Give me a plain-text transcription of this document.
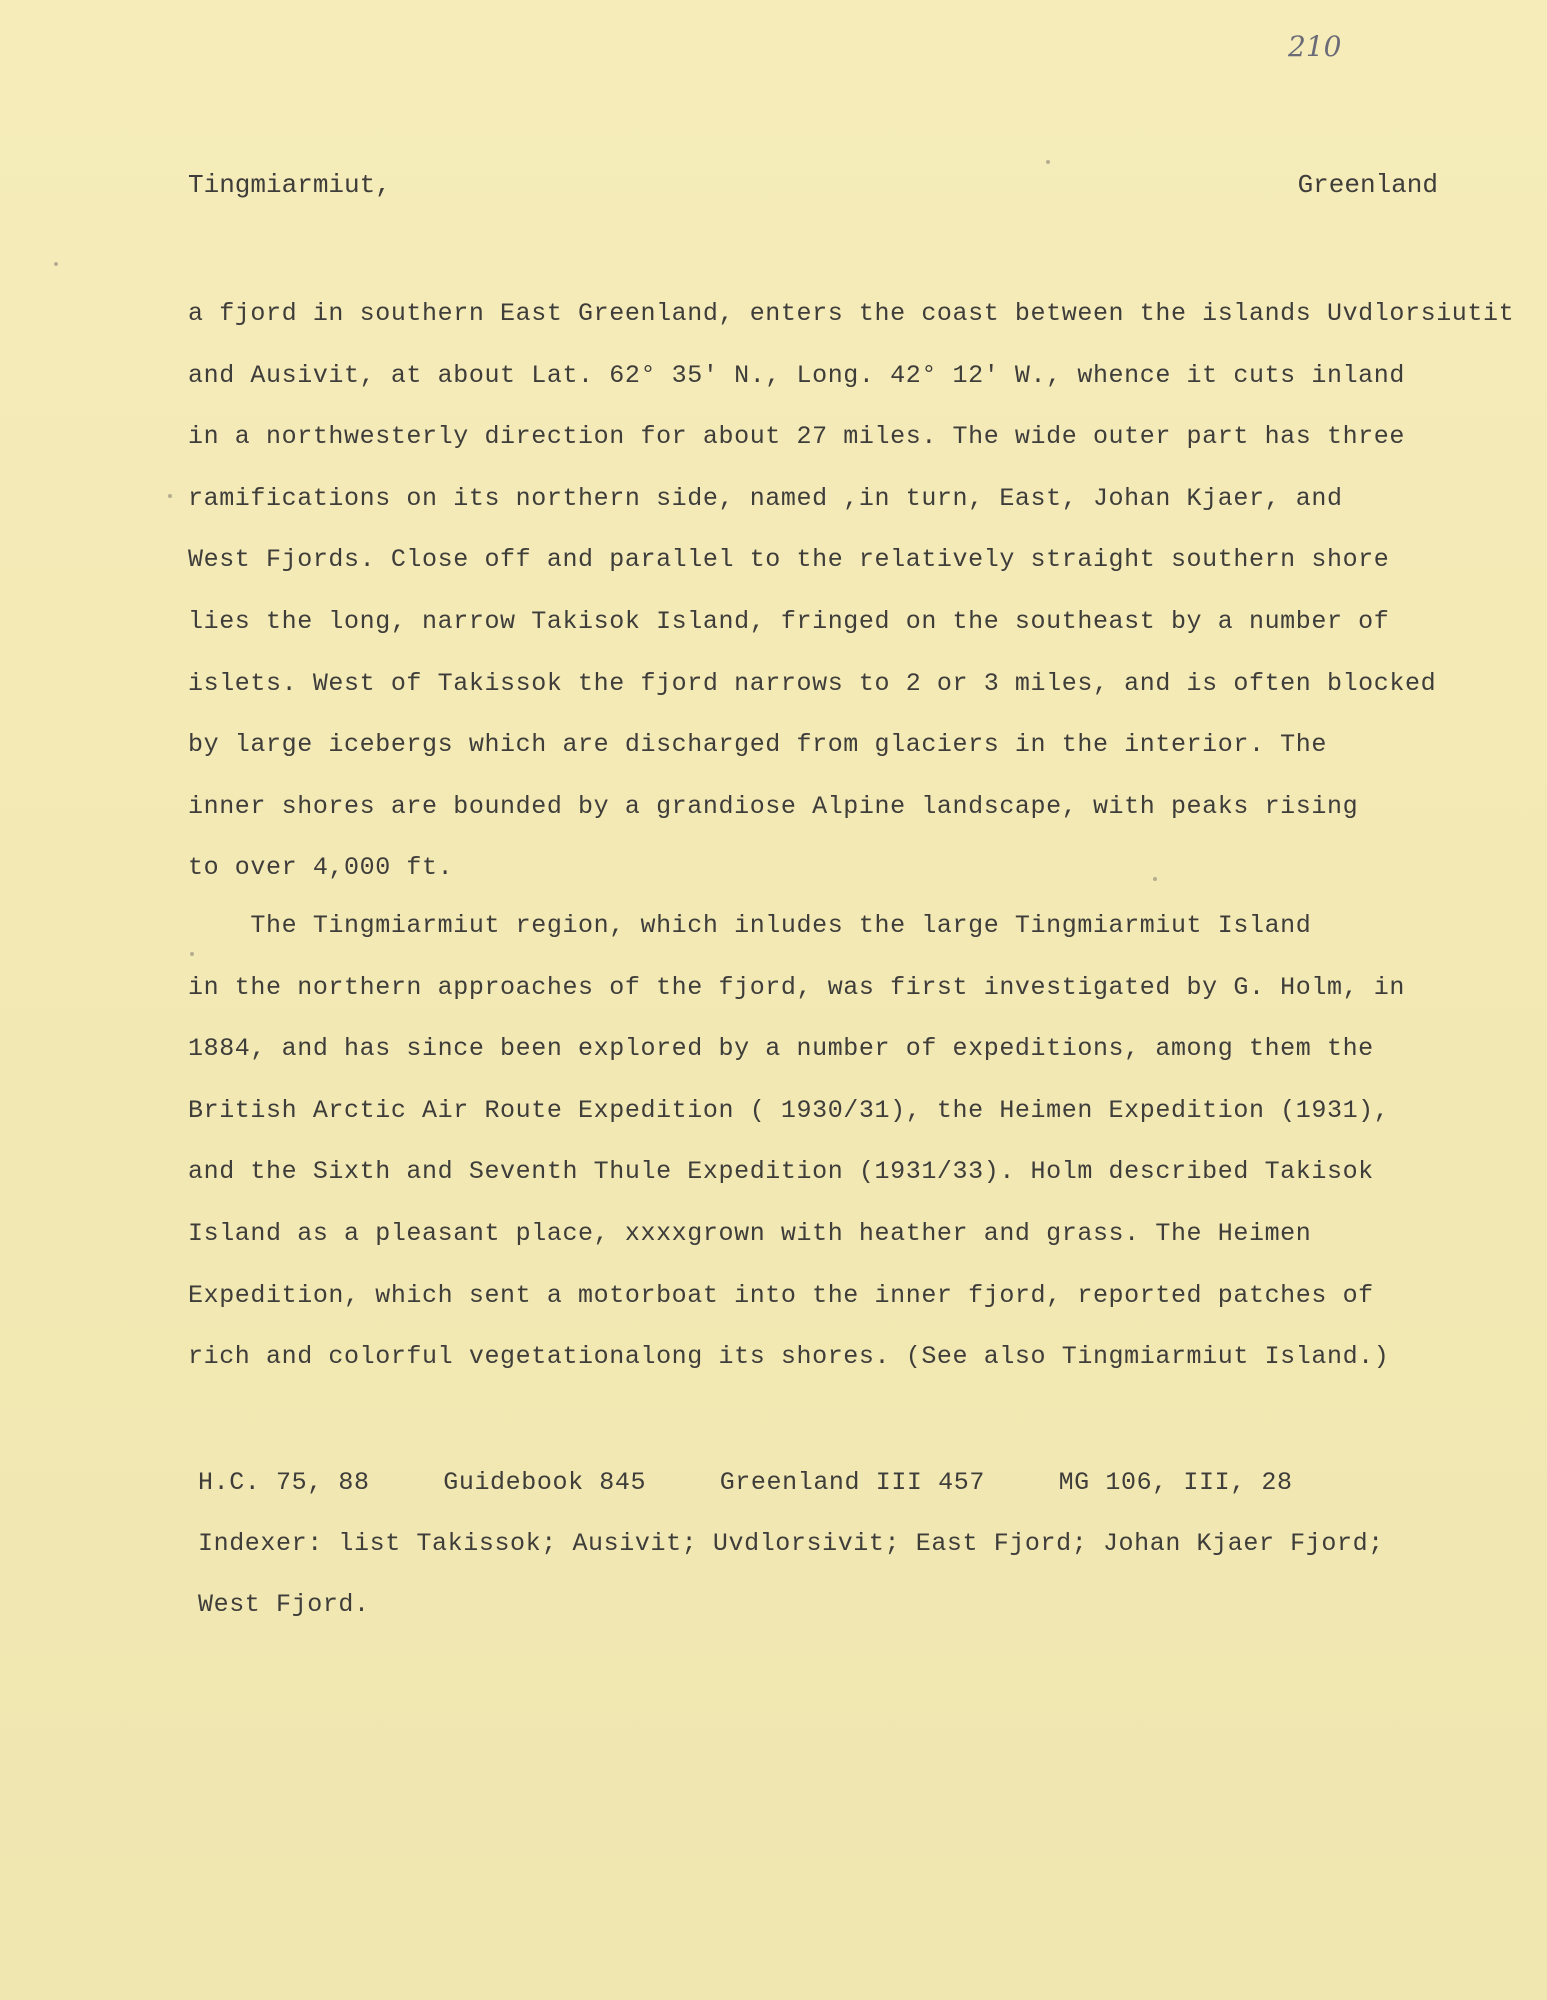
210
Tingmiarmiut,	Greenland
a fjord in southern East Greenland, enters the coast between the islands Uvdlorsiutit
and Ausivit, at about Lat. 62° 35' N., Long. 42° 12' W., whence it cuts inland
in a northwesterly direction for about 27 miles. The wide outer part has three
ramifications on its northern side, named ,in turn, East, Johan Kjaer, and
West Fjords. Close off and parallel to the relatively straight southern shore
lies the long, narrow Takisok Island, fringed on the southeast by a number of
islets. West of Takissok the fjord narrows to 2 or 3 miles, and is often blocked
by large icebergs which are discharged from glaciers in the interior. The
inner shores are bounded by a grandiose Alpine landscape, with peaks rising
to over 4,000 ft.
The Tingmiarmiut region, which inludes the large Tingmiarmiut Island
in the northern approaches of the fjord, was first investigated by G. Holm, in
1884, and has since been explored by a number of expeditions, among them the
British Arctic Air Route Expedition ( 1930/31), the Heimen Expedition (1931),
and the Sixth and Seventh Thule Expedition (1931/33). Holm described Takisok
Island as a pleasant place, xxxxgrown with heather and grass. The Heimen
Expedition, which sent a motorboat into the inner fjord, reported patches of
rich and colorful vegetationalong its shores. (See also Tingmiarmiut Island.)
H.C. 75, 88	Guidebook 845	Greenland III 457	MG 106, III, 28
Indexer: list Takissok; Ausivit; Uvdlorsivit; East Fjord; Johan Kjaer Fjord;
West Fjord.
